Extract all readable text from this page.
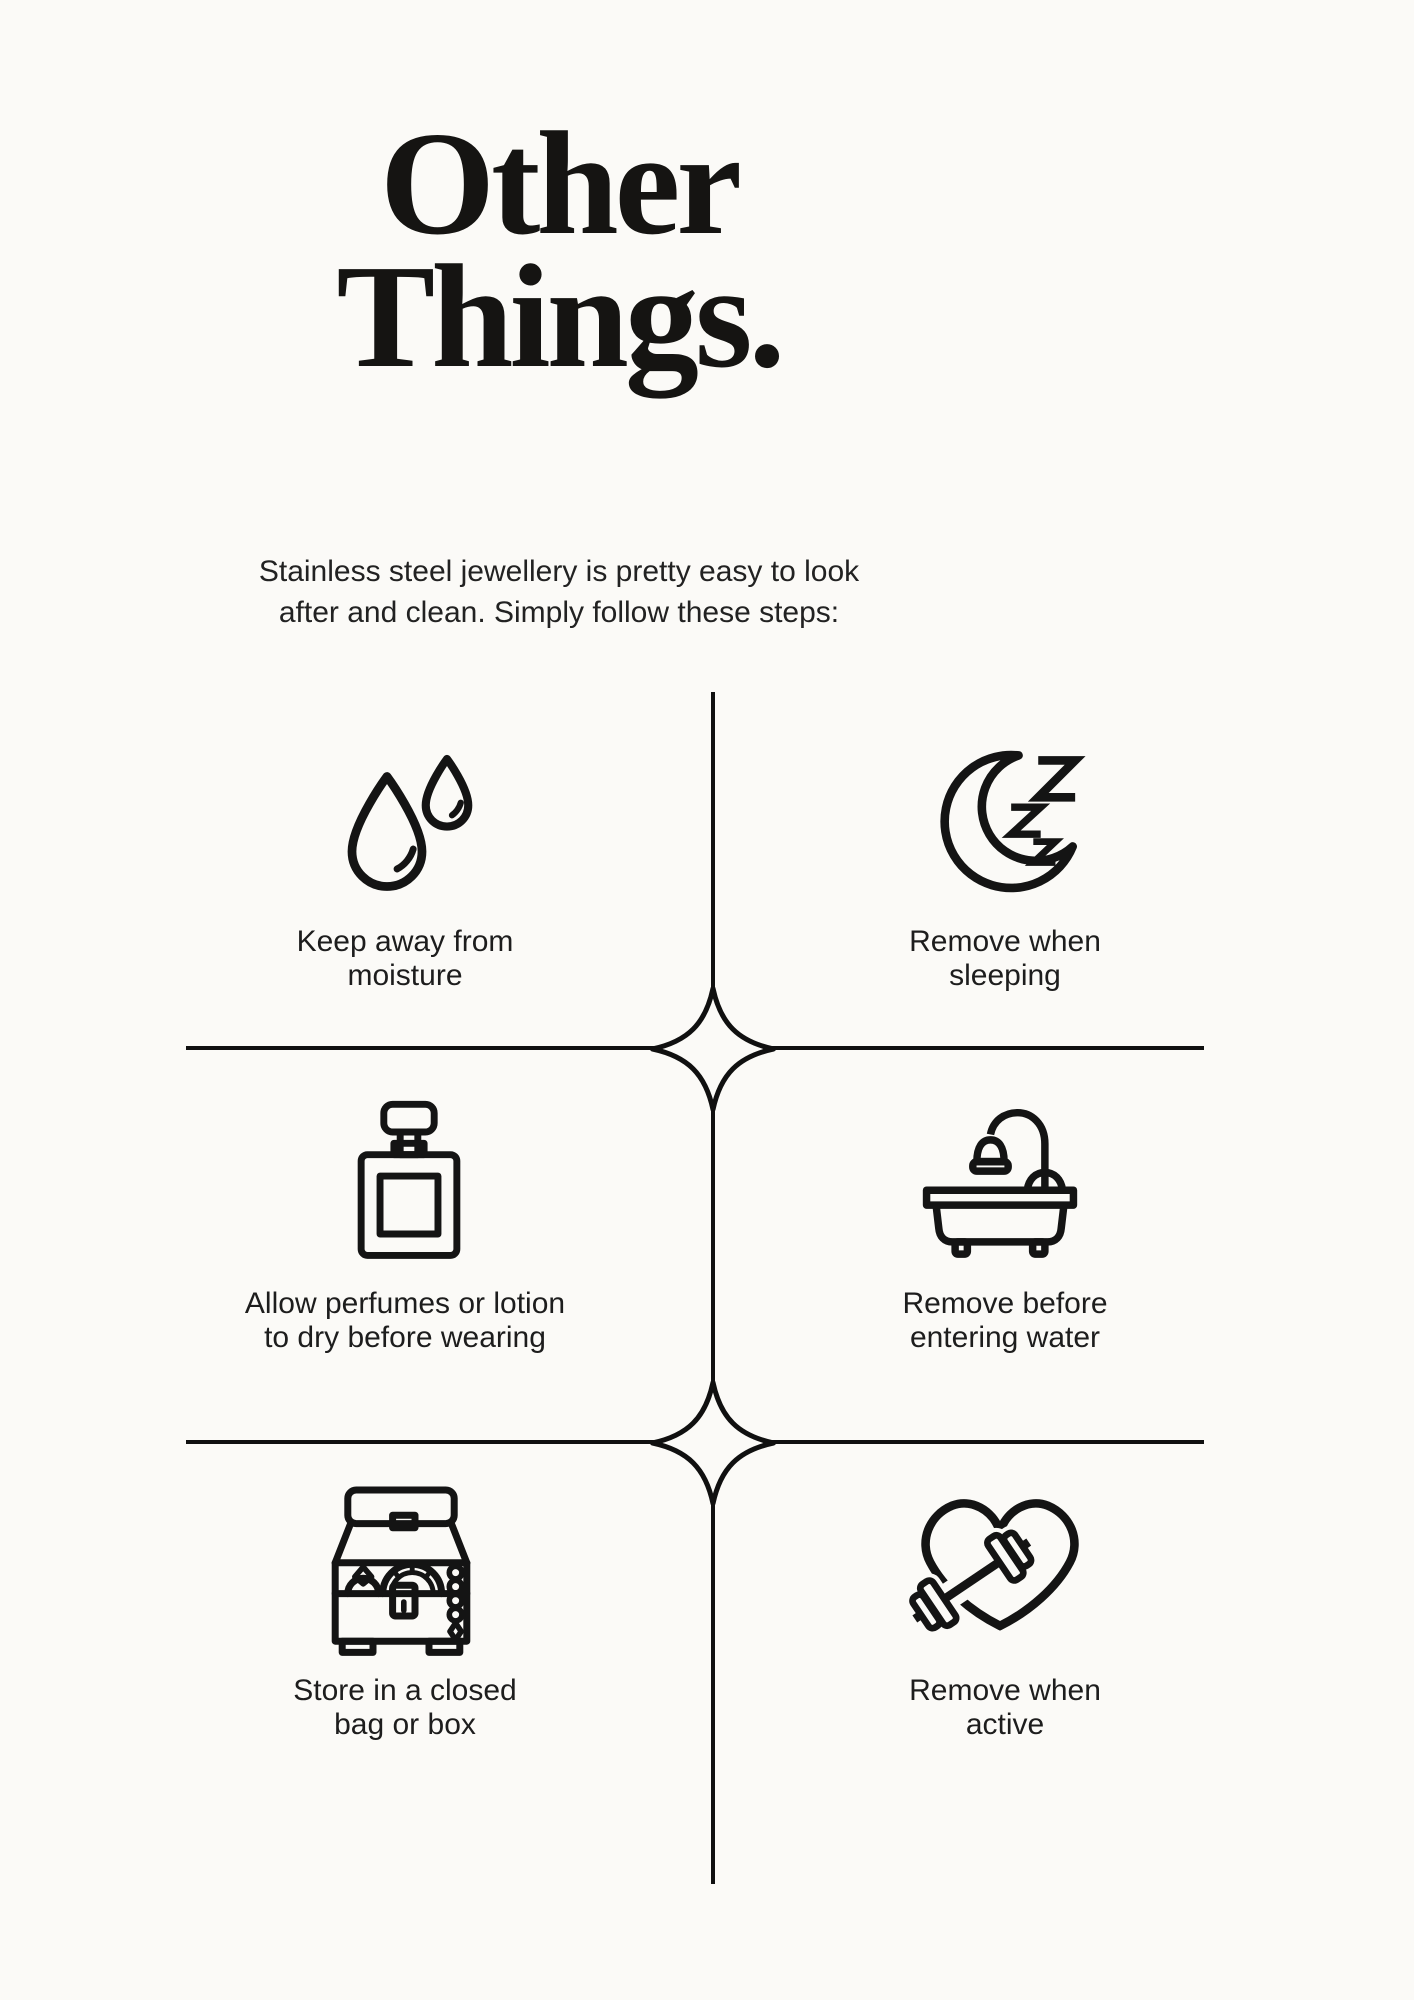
Other
Things.
Stainless steel jewellery is pretty easy to look
after and clean. Simply follow these steps:
Keep away from
moisture
Remove when
sleeping
Allow perfumes or lotion
to dry before wearing
Remove before
entering water
Store in a closed
bag or box
Remove when
active
